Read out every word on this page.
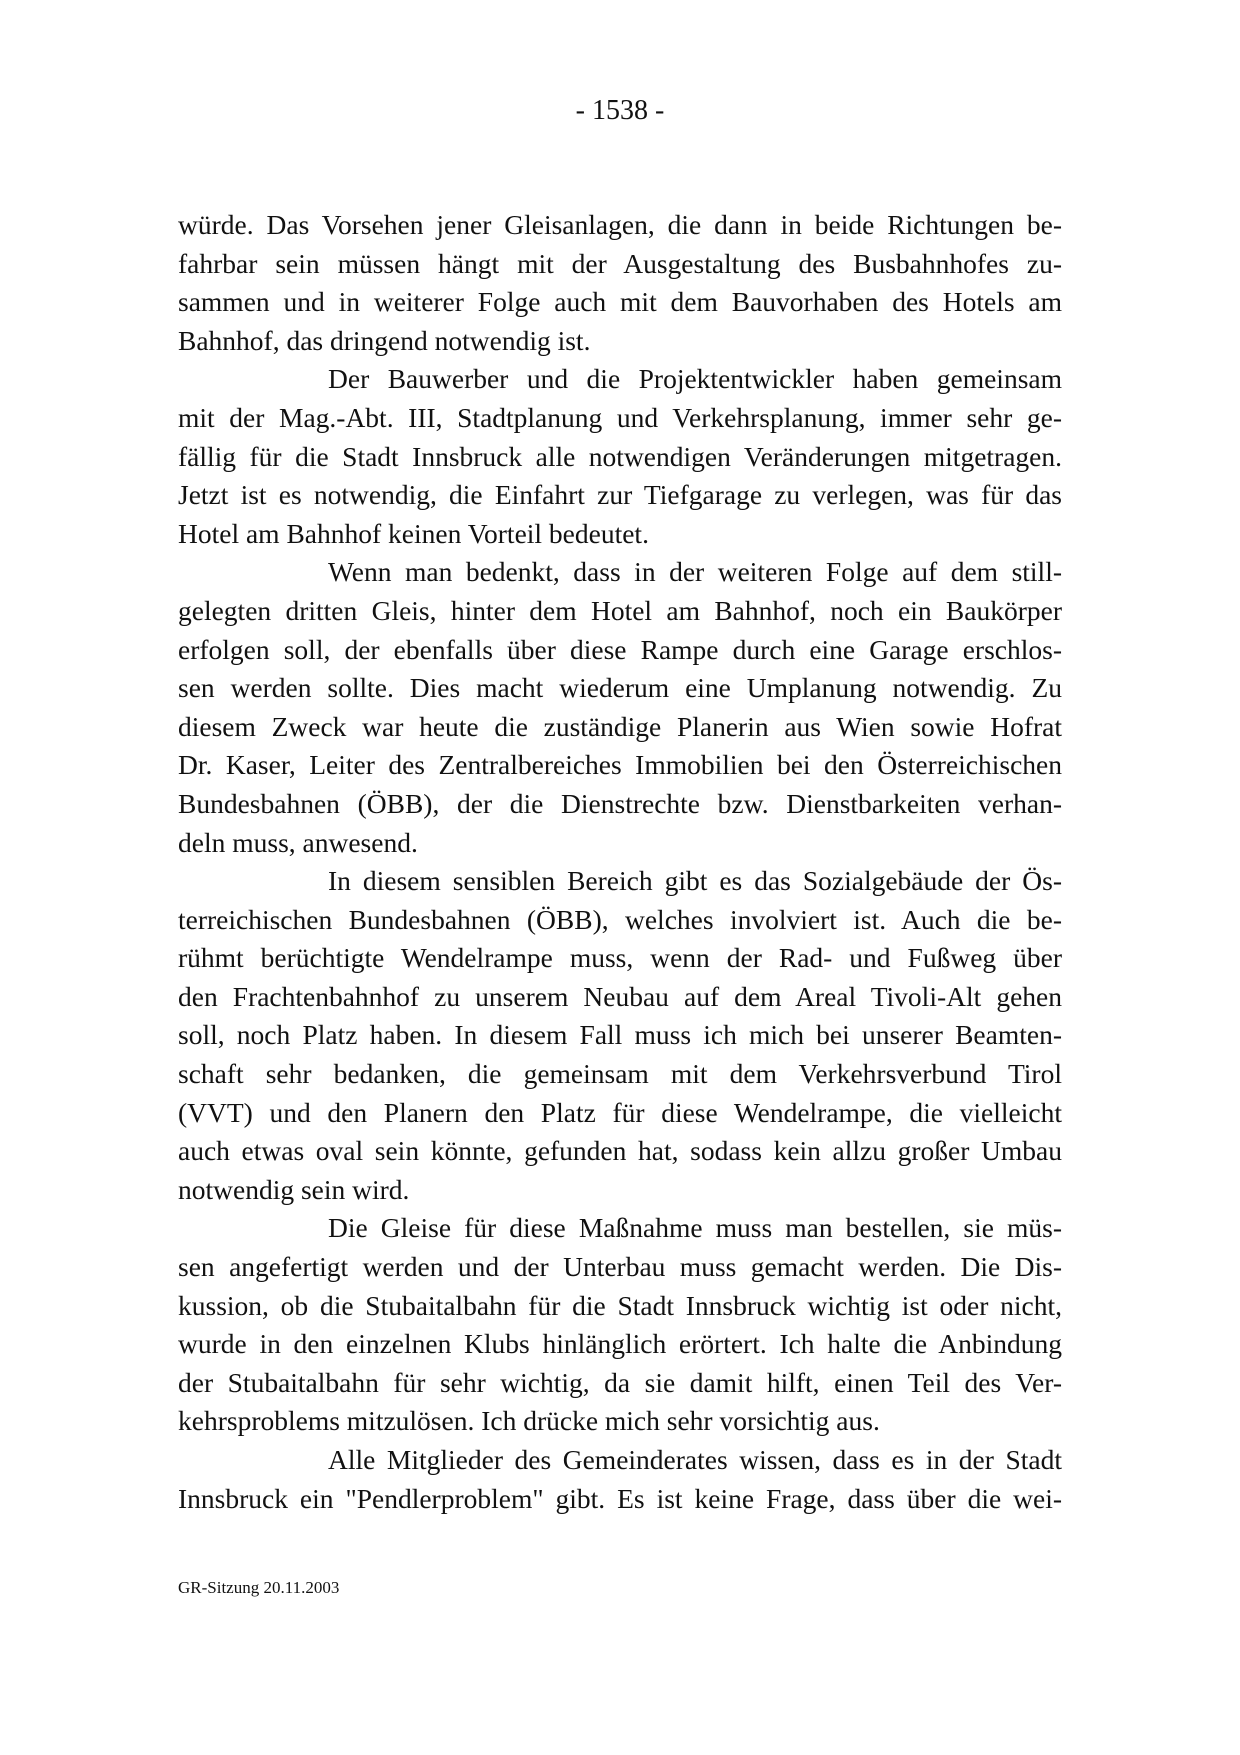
- 1538 -

würde. Das Vorsehen jener Gleisanlagen, die dann in beide Richtungen be-
fahrbar sein müssen hängt mit der Ausgestaltung des Busbahnhofes zu-
sammen und in weiterer Folge auch mit dem Bauvorhaben des Hotels am
Bahnhof, das dringend notwendig ist.

Der Bauwerber und die Projektentwickler haben gemeinsam
mit der Mag.-Abt. III, Stadtplanung und Verkehrsplanung, immer sehr ge-
fällig für die Stadt Innsbruck alle notwendigen Veränderungen mitgetragen.
Jetzt ist es notwendig, die Einfahrt zur Tiefgarage zu verlegen, was für das
Hotel am Bahnhof keinen Vorteil bedeutet.

Wenn man bedenkt, dass in der weiteren Folge auf dem still-
gelegten dritten Gleis, hinter dem Hotel am Bahnhof, noch ein Baukörper
erfolgen soll, der ebenfalls über diese Rampe durch eine Garage erschlos-
sen werden sollte. Dies macht wiederum eine Umplanung notwendig. Zu
diesem Zweck war heute die zuständige Planerin aus Wien sowie Hofrat
Dr. Kaser, Leiter des Zentralbereiches Immobilien bei den Österreichischen
Bundesbahnen (ÖBB), der die Dienstrechte bzw. Dienstbarkeiten verhan-
deln muss, anwesend.

In diesem sensiblen Bereich gibt es das Sozialgebäude der Ös-
terreichischen Bundesbahnen (ÖBB), welches involviert ist. Auch die be-
rühmt berüchtigte Wendelrampe muss, wenn der Rad- und Fußweg über
den Frachtenbahnhof zu unserem Neubau auf dem Areal Tivoli-Alt gehen
soll, noch Platz haben. In diesem Fall muss ich mich bei unserer Beamten-
schaft sehr bedanken, die gemeinsam mit dem Verkehrsverbund Tirol
(VVT) und den Planern den Platz für diese Wendelrampe, die vielleicht
auch etwas oval sein könnte, gefunden hat, sodass kein allzu großer Umbau
notwendig sein wird.

Die Gleise für diese Maßnahme muss man bestellen, sie müs-
sen angefertigt werden und der Unterbau muss gemacht werden. Die Dis-
kussion, ob die Stubaitalbahn für die Stadt Innsbruck wichtig ist oder nicht,
wurde in den einzelnen Klubs hinlänglich erörtert. Ich halte die Anbindung
der Stubaitalbahn für sehr wichtig, da sie damit hilft, einen Teil des Ver-
kehrsproblems mitzulösen. Ich drücke mich sehr vorsichtig aus.

Alle Mitglieder des Gemeinderates wissen, dass es in der Stadt
Innsbruck ein "Pendlerproblem" gibt. Es ist keine Frage, dass über die wei-

GR-Sitzung 20.11.2003
